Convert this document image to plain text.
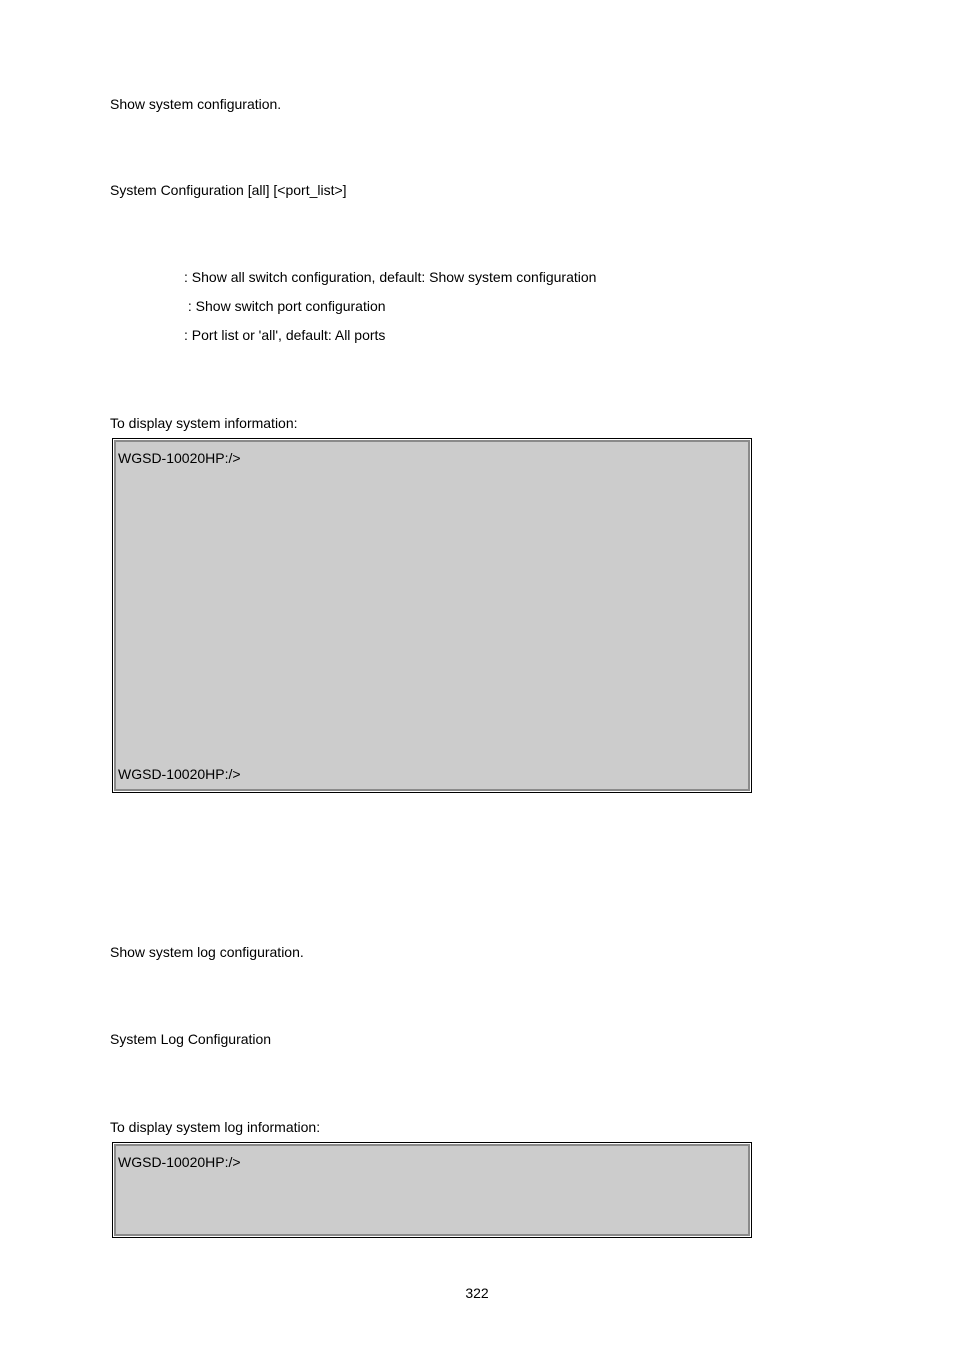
Show system configuration.
System Configuration [all] [<port_list>]
: Show all switch configuration, default: Show system configuration
: Show switch port configuration
: Port list or 'all', default: All ports
To display system information:
WGSD-10020HP:/>
WGSD-10020HP:/>
Show system log configuration.
System Log Configuration
To display system log information:
WGSD-10020HP:/>
322
